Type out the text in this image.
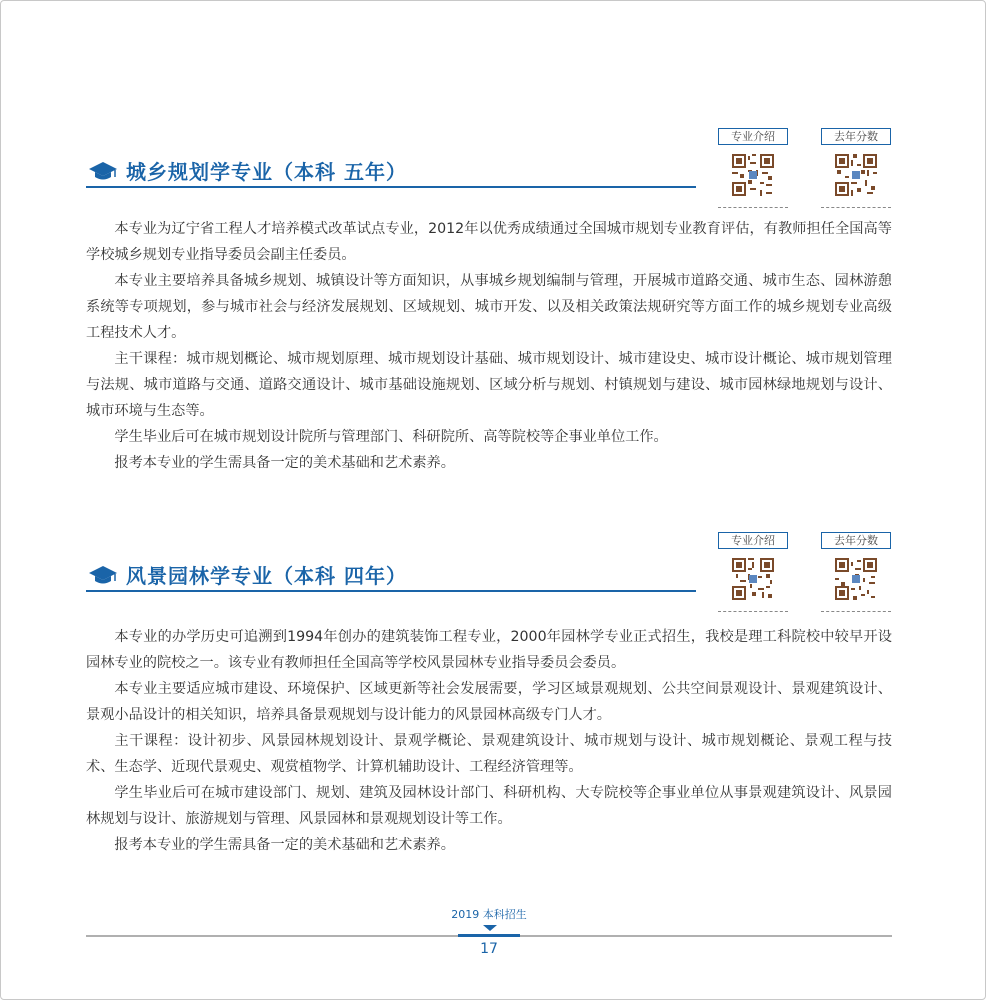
城乡规划学专业（本科 五年）
专业介绍	去年分数

本专业为辽宁省工程人才培养模式改革试点专业，2012年以优秀成绩通过全国城市规划专业教育评估，有教师担任全国高等学校城乡规划专业指导委员会副主任委员。

本专业主要培养具备城乡规划、城镇设计等方面知识，从事城乡规划编制与管理，开展城市道路交通、城市生态、园林游憩系统等专项规划，参与城市社会与经济发展规划、区域规划、城市开发、以及相关政策法规研究等方面工作的城乡规划专业高级工程技术人才。

主干课程：城市规划概论、城市规划原理、城市规划设计基础、城市规划设计、城市建设史、城市设计概论、城市规划管理与法规、城市道路与交通、道路交通设计、城市基础设施规划、区域分析与规划、村镇规划与建设、城市园林绿地规划与设计、城市环境与生态等。

学生毕业后可在城市规划设计院所与管理部门、科研院所、高等院校等企事业单位工作。

报考本专业的学生需具备一定的美术基础和艺术素养。

风景园林学专业（本科 四年）
专业介绍	去年分数

本专业的办学历史可追溯到1994年创办的建筑装饰工程专业，2000年园林学专业正式招生，我校是理工科院校中较早开设园林专业的院校之一。该专业有教师担任全国高等学校风景园林专业指导委员会委员。

本专业主要适应城市建设、环境保护、区域更新等社会发展需要，学习区域景观规划、公共空间景观设计、景观建筑设计、景观小品设计的相关知识，培养具备景观规划与设计能力的风景园林高级专门人才。

主干课程：设计初步、风景园林规划设计、景观学概论、景观建筑设计、城市规划与设计、城市规划概论、景观工程与技术、生态学、近现代景观史、观赏植物学、计算机辅助设计、工程经济管理等。

学生毕业后可在城市建设部门、规划、建筑及园林设计部门、科研机构、大专院校等企事业单位从事景观建筑设计、风景园林规划与设计、旅游规划与管理、风景园林和景观规划设计等工作。

报考本专业的学生需具备一定的美术基础和艺术素养。

2019 本科招生
17
